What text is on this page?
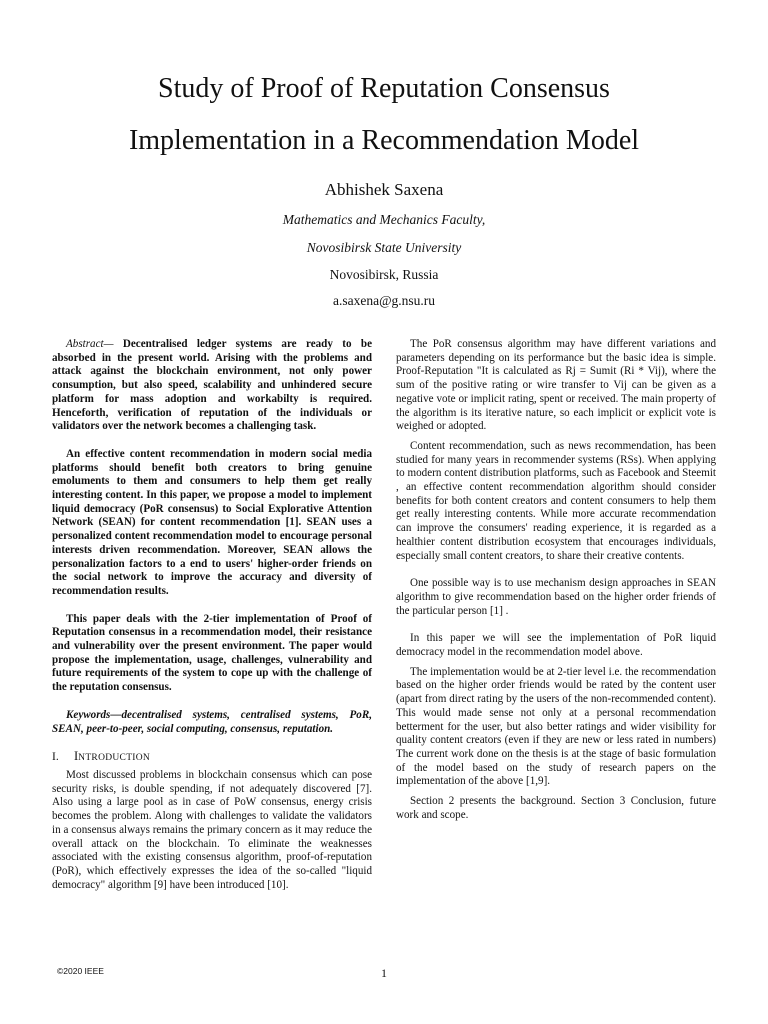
Study of Proof of Reputation Consensus
Implementation in a Recommendation Model
Abhishek Saxena
Mathematics and Mechanics Faculty,
Novosibirsk State University
Novosibirsk, Russia
a.saxena@g.nsu.ru

Abstract— Decentralised ledger systems are ready to be absorbed in the present world. Arising with the problems and attack against the blockchain environment, not only power consumption, but also speed, scalability and unhindered secure platform for mass adoption and workabilty is required. Henceforth, verification of reputation of the individuals or validators over the network becomes a challenging task.

An effective content recommendation in modern social media platforms should benefit both creators to bring genuine emoluments to them and consumers to help them get really interesting content. In this paper, we propose a model to implement liquid democracy (PoR consensus) to Social Explorative Attention Network (SEAN) for content recommendation [1]. SEAN uses a personalized content recommendation model to encourage personal interests driven recommendation. Moreover, SEAN allows the personalization factors to a end to users' higher-order friends on the social network to improve the accuracy and diversity of recommendation results.

This paper deals with the 2-tier implementation of Proof of Reputation consensus in a recommendation model, their resistance and vulnerability over the present environment. The paper would propose the implementation, usage, challenges, vulnerability and future requirements of the system to cope up with the challenge of the reputation consensus.

Keywords—decentralised systems, centralised systems, PoR, SEAN, peer-to-peer, social computing, consensus, reputation.

I. INTRODUCTION

Most discussed problems in blockchain consensus which can pose security risks, is double spending, if not adequately discovered [7]. Also using a large pool as in case of PoW consensus, energy crisis becomes the problem. Along with challenges to validate the validators in a consensus always remains the primary concern as it may reduce the overall attack on the blockchain. To eliminate the weaknesses associated with the existing consensus algorithm, proof-of-reputation (PoR), which effectively expresses the idea of the so-called "liquid democracy" algorithm [9] have been introduced [10].

The PoR consensus algorithm may have different variations and parameters depending on its performance but the basic idea is simple. Proof-Reputation "It is calculated as Rj = Sumit (Ri * Vij), where the sum of the positive rating or wire transfer to Vij can be given as a negative vote or implicit rating, spent or received. The main property of the algorithm is its iterative nature, so each implicit or explicit vote is weighed or adopted.

Content recommendation, such as news recommendation, has been studied for many years in recommender systems (RSs). When applying to modern content distribution platforms, such as Facebook and Steemit , an effective content recommendation algorithm should consider benefits for both content creators and content consumers to help them get really interesting contents. While more accurate recommendation can improve the consumers' reading experience, it is regarded as a healthier content distribution ecosystem that encourages individuals, especially small content creators, to share their creative contents.

One possible way is to use mechanism design approaches in SEAN algorithm to give recommendation based on the higher order friends of the particular person [1] .

In this paper we will see the implementation of PoR liquid democracy model in the recommendation model above.

The implementation would be at 2-tier level i.e. the recommendation based on the higher order friends would be rated by the content user (apart from direct rating by the users of the non-recommended content). This would made sense not only at a personal recommendation betterment for the user, but also better ratings and wider visibility for quality content creators (even if they are new or less rated in numbers) The current work done on the thesis is at the stage of basic formulation of the model based on the study of research papers on the implementation of the above [1,9].

Section 2 presents the background. Section 3 Conclusion, future work and scope.

©2020 IEEE	1
